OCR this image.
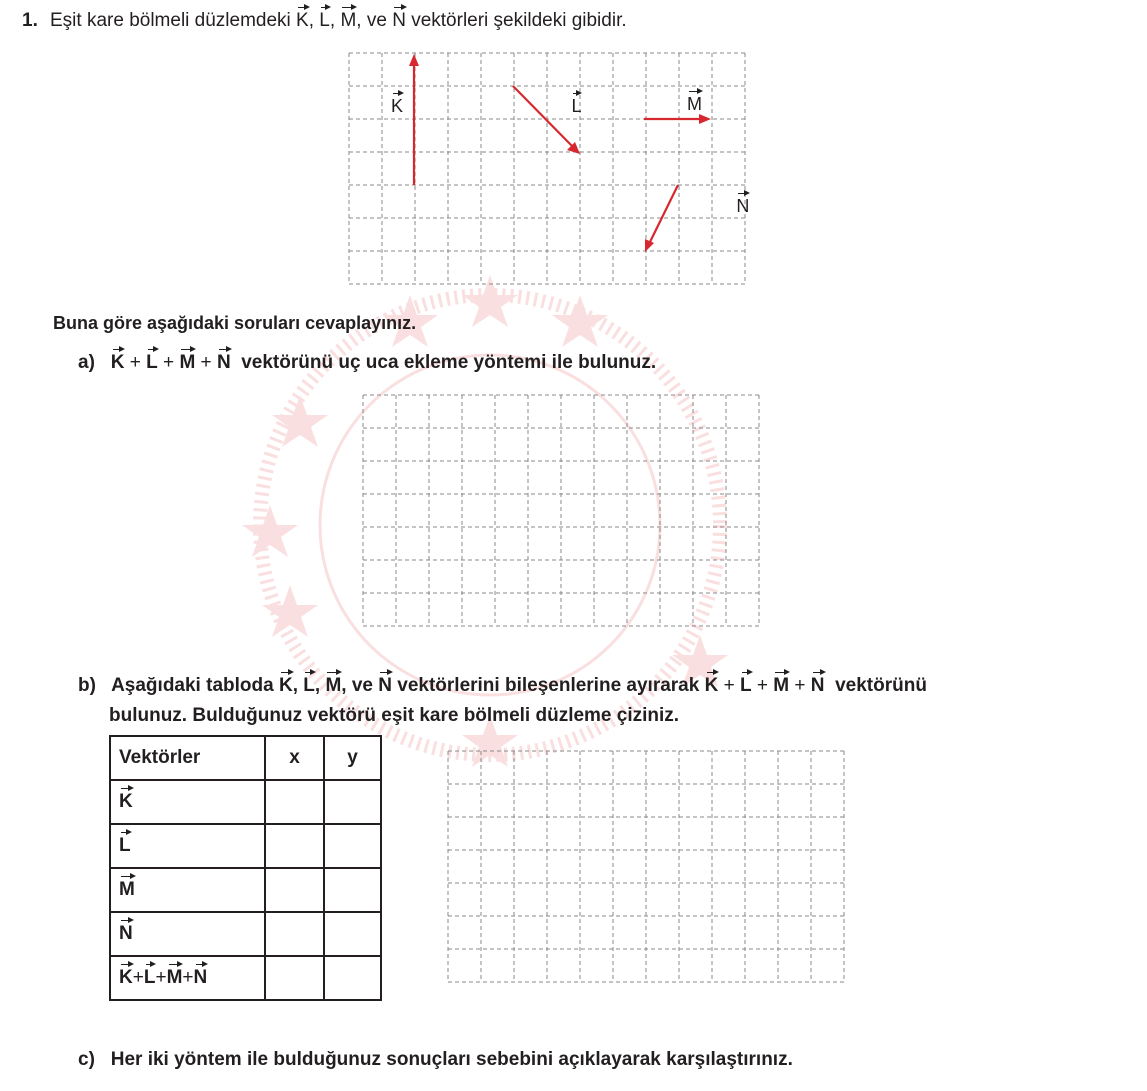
1. Eşit kare bölmeli düzlemdeki K, L, M, ve N vektörleri şekildeki gibidir.
K	L	M N
Buna göre aşağıdaki soruları cevaplayınız.
a) K + L + M + N vektörünü uç uca ekleme yöntemi ile bulunuz.
b) Aşağıdaki tabloda K, L, M, ve N vektörlerini bileşenlerine ayırarak K + L + M + N vektörünü
bulunuz. Bulduğunuz vektörü eşit kare bölmeli düzleme çiziniz.
Vektörler	x	y
K		
L		
M		
N		
K+L+M+N		
c) Her iki yöntem ile bulduğunuz sonuçları sebebini açıklayarak karşılaştırınız.
